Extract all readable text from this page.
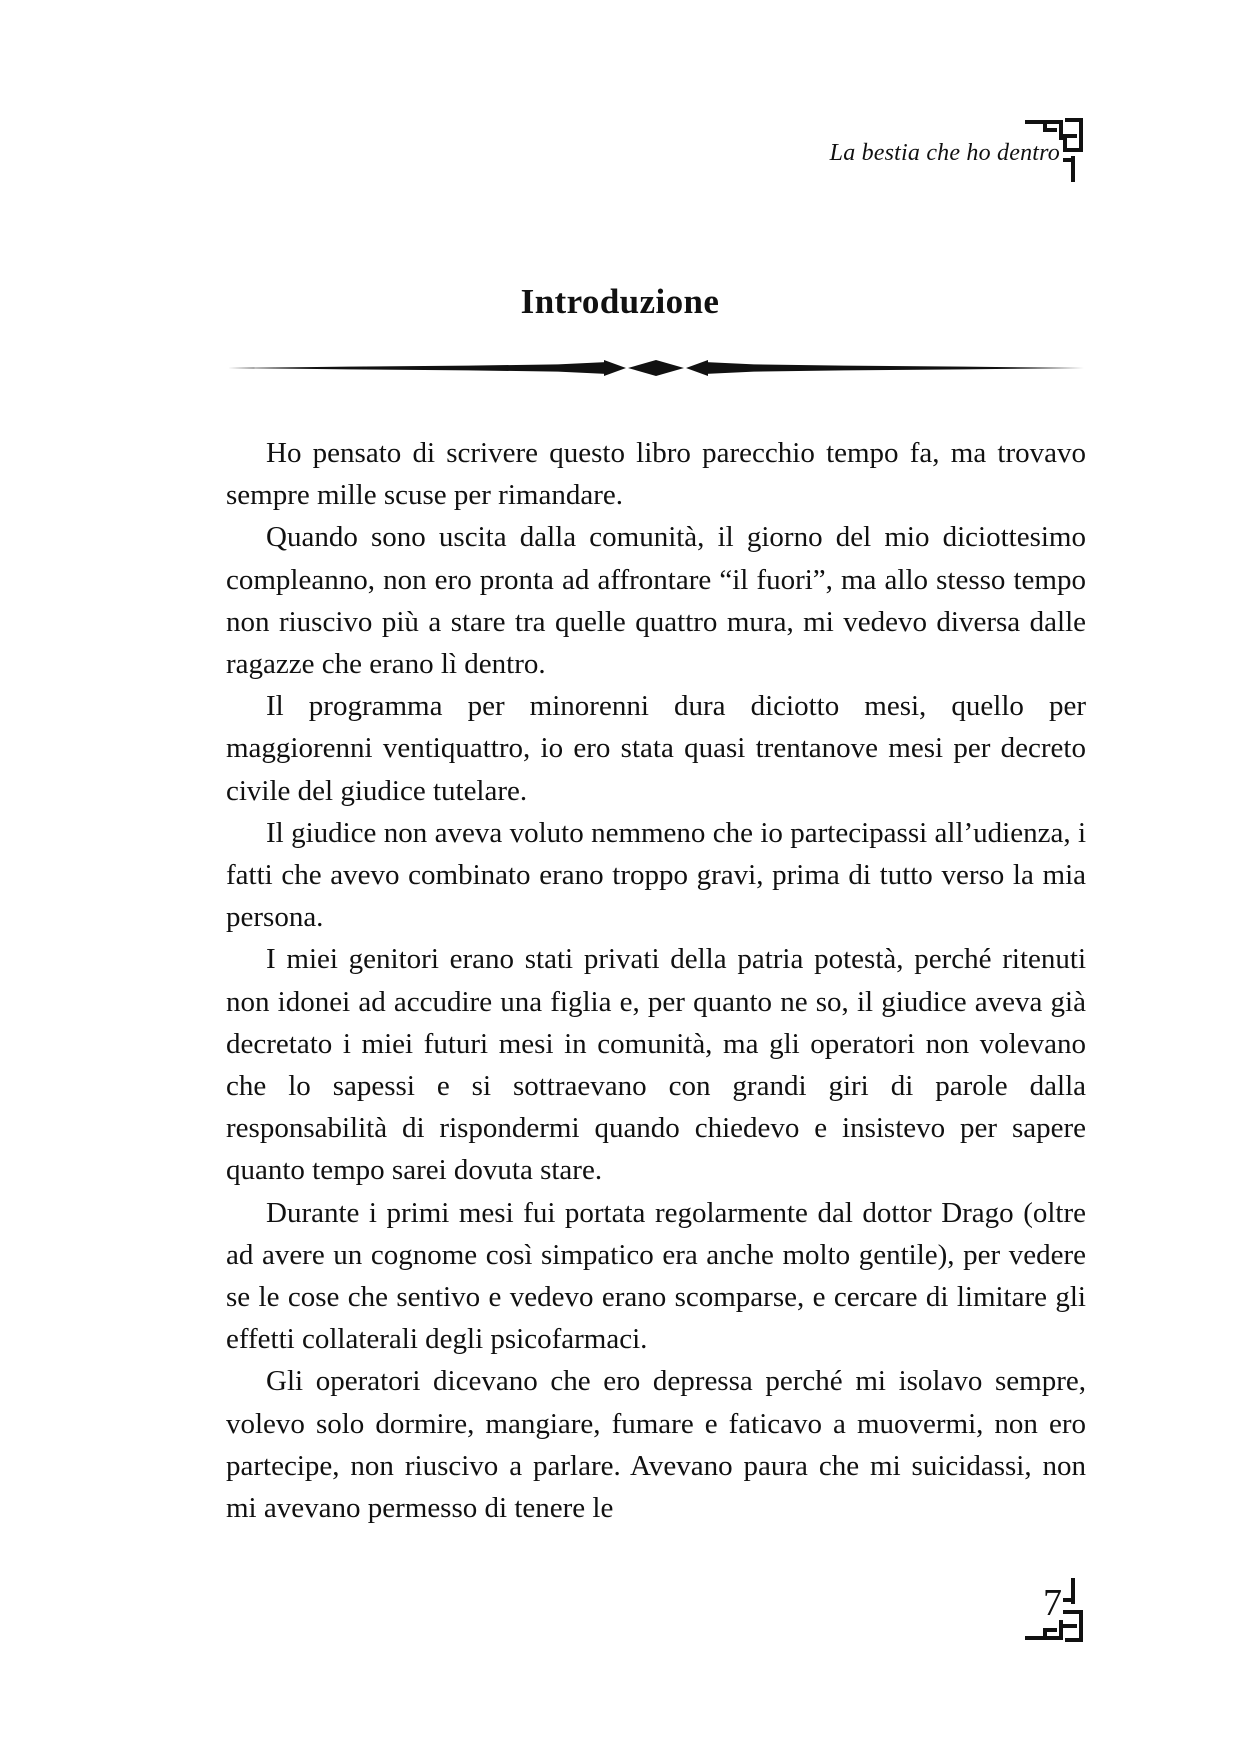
La bestia che ho dentro
Introduzione

Ho pensato di scrivere questo libro parecchio tempo fa, ma trovavo sempre mille scuse per rimandare.

Quando sono uscita dalla comunità, il giorno del mio diciottesimo compleanno, non ero pronta ad affrontare “il fuori”, ma allo stesso tempo non riuscivo più a stare tra quelle quattro mura, mi vedevo diversa dalle ragazze che erano lì dentro.

Il programma per minorenni dura diciotto mesi, quello per maggiorenni ventiquattro, io ero stata quasi trentanove mesi per decreto civile del giudice tutelare.

Il giudice non aveva voluto nemmeno che io partecipassi all’udienza, i fatti che avevo combinato erano troppo gravi, prima di tutto verso la mia persona.

I miei genitori erano stati privati della patria potestà, perché ritenuti non idonei ad accudire una figlia e, per quanto ne so, il giudice aveva già decretato i miei futuri mesi in comunità, ma gli operatori non volevano che lo sapessi e si sottraevano con grandi giri di parole dalla responsabilità di rispondermi quando chiedevo e insistevo per sapere quanto tempo sarei dovuta stare.

Durante i primi mesi fui portata regolarmente dal dottor Drago (oltre ad avere un cognome così simpatico era anche molto gentile), per vedere se le cose che sentivo e vedevo erano scomparse, e cercare di limitare gli effetti collaterali degli psicofarmaci.

Gli operatori dicevano che ero depressa perché mi isolavo sempre, volevo solo dormire, mangiare, fumare e faticavo a muovermi, non ero partecipe, non riuscivo a parlare. Avevano paura che mi suicidassi, non mi avevano permesso di tenere le

7
